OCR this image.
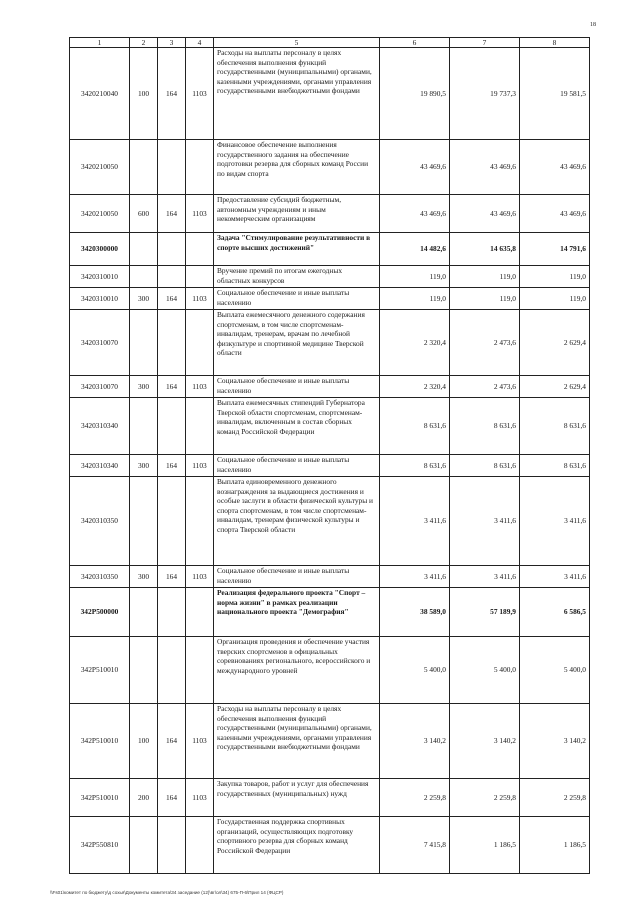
18
1	2	3	4	5	6	7	8
3420210040	100	164	1103	Расходы на выплаты персоналу в целях обеспечения выполнения функций государственными (муниципальными) органами, казенными учреждениями, органами управления государственными внебюджетными фондами	19 890,5	19 737,3	19 581,5
3420210050				Финансовое обеспечение выполнения государственного задания на обеспечение подготовки резерва для сборных команд России по видам спорта	43 469,6	43 469,6	43 469,6
3420210050	600	164	1103	Предоставление субсидий бюджетным, автономным учреждениям и иным некоммерческим организациям	43 469,6	43 469,6	43 469,6
3420300000				Задача "Стимулирование результативности в спорте высших достижений"	14 482,6	14 635,8	14 791,6
3420310010				Вручение премий по итогам ежегодных областных конкурсов	119,0	119,0	119,0
3420310010	300	164	1103	Социальное обеспечение и иные выплаты населению	119,0	119,0	119,0
3420310070				Выплата ежемесячного денежного содержания спортсменам, в том числе спортсменам-инвалидам, тренерам, врачам по лечебной физкультуре и спортивной медицине Тверской области	2 320,4	2 473,6	2 629,4
3420310070	300	164	1103	Социальное обеспечение и иные выплаты населению	2 320,4	2 473,6	2 629,4
3420310340				Выплата ежемесячных стипендий Губернатора Тверской области спортсменам, спортсменам-инвалидам, включенным в состав сборных команд Российской Федерации	8 631,6	8 631,6	8 631,6
3420310340	300	164	1103	Социальное обеспечение и иные выплаты населению	8 631,6	8 631,6	8 631,6
3420310350				Выплата единовременного денежного вознаграждения за выдающиеся достижения и особые заслуги в области физической культуры и спорта спортсменам, в том числе спортсменам-инвалидам, тренерам физической культуры и спорта Тверской области	3 411,6	3 411,6	3 411,6
3420310350	300	164	1103	Социальное обеспечение и иные выплаты населению	3 411,6	3 411,6	3 411,6
342P500000				Реализация федерального проекта "Спорт – норма жизни" в рамках реализации национального проекта "Демография"	38 589,0	57 189,9	6 586,5
342P510010				Организация проведения и обеспечение участия тверских спортсменов в официальных соревнованиях регионального, всероссийского и международного уровней	5 400,0	5 400,0	5 400,0
342P510010	100	164	1103	Расходы на выплаты персоналу в целях обеспечения выполнения функций государственными (муниципальными) органами, казенными учреждениями, органами управления государственными внебюджетными фондами	3 140,2	3 140,2	3 140,2
342P510010	200	164	1103	Закупка товаров, работ и услуг для обеспечения государственных (муниципальных) нужд	2 259,8	2 259,8	2 259,8
342P550810				Государственная поддержка спортивных организаций, осуществляющих подготовку спортивного резерва для сборных команд Российской Федерации	7 415,8	1 186,5	1 186,5
\\Fs01\комитет по бюджету\д сохья\Документы комитета\34 заседание (12)\вг\ол\34) 675-П-6\Прил 14 (ФЦСР)
